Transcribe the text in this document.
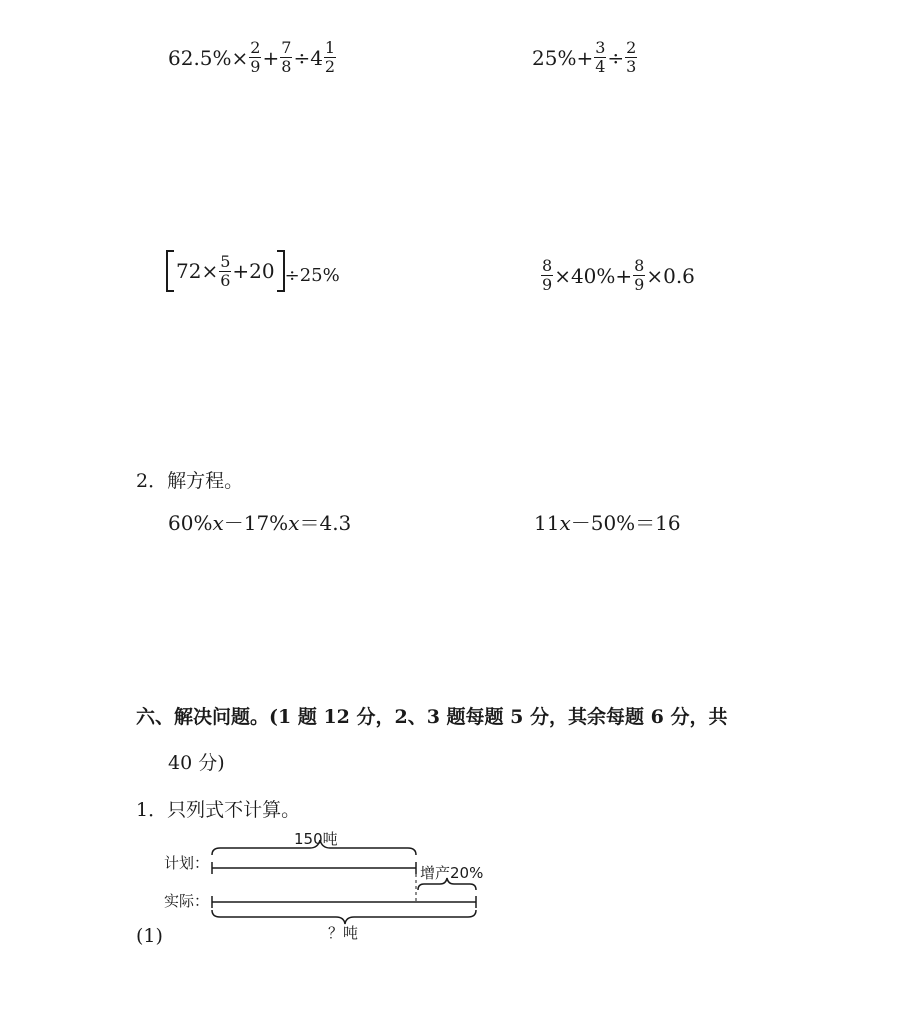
$62.5\%\times \frac{2}{9} + \frac{7}{8} \div 4 \frac{1}{2}$	$25\%+ \frac{3}{4} \div \frac{2}{3}$
$72\times \frac{5}{6} +20 \div 25\%$	$\frac{8}{9} \times 40\%+ \frac{8}{9} \times 0.6$
2．解方程。
60% x －17% x ＝4.3	11 x －50%＝16
六、解决问题。(1 题 12 分，2、3 题每题 5 分，其余每题 6 分，共
40 分)
1．只列式不计算。
150吨
计划：
增产20%
实际：
？吨
(1)
